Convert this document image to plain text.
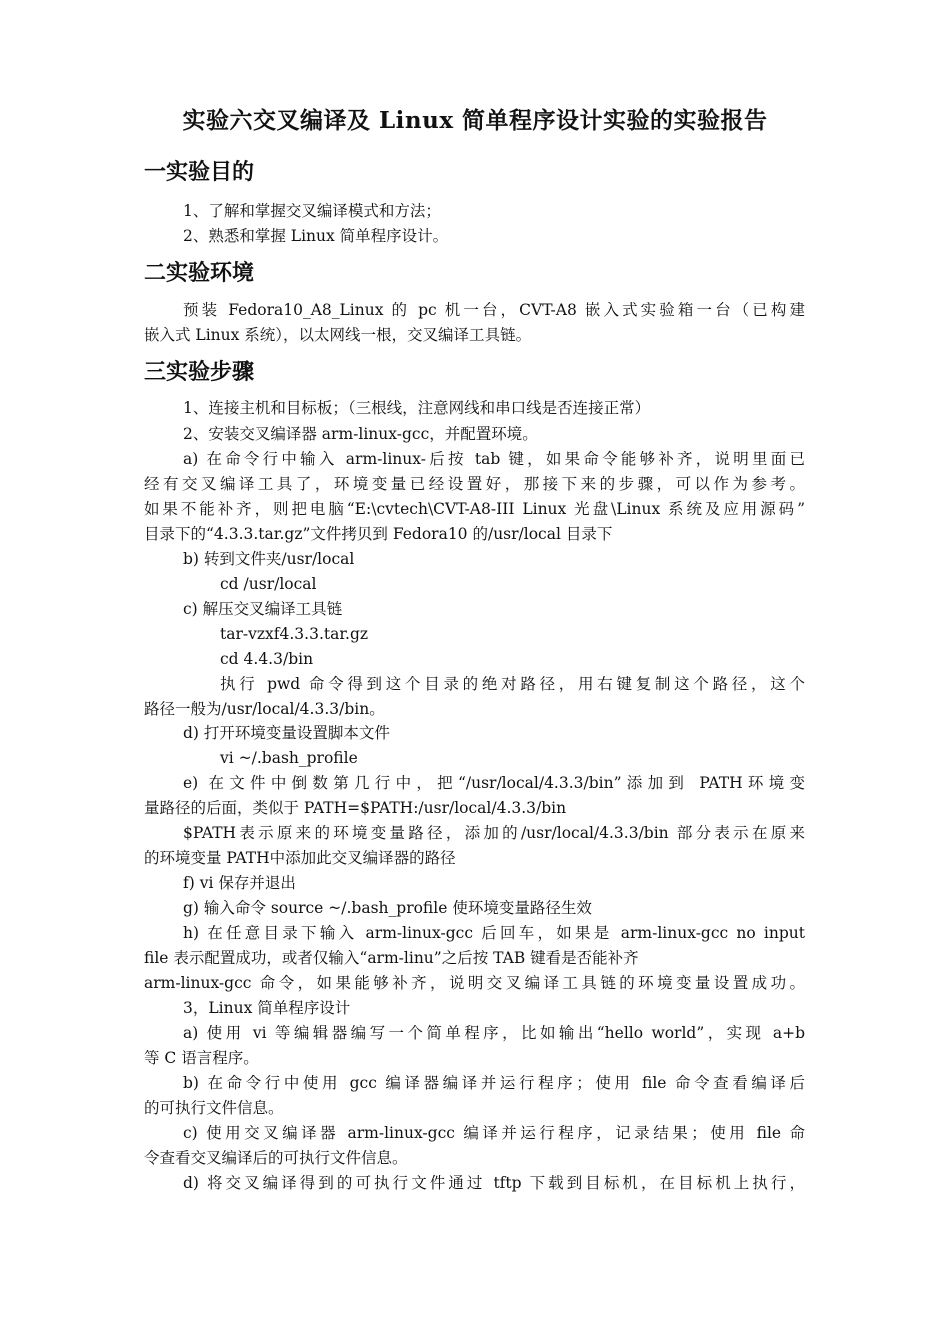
实验六交叉编译及 Linux 简单程序设计实验的实验报告
一实验目的
二实验环境
三实验步骤
1、了解和掌握交叉编译模式和方法；
2、熟悉和掌握 Linux 简单程序设计。
预装 Fedora10_A8_Linux 的 pc 机一台，CVT-A8 嵌入式实验箱一台（已构建
嵌入式 Linux 系统），以太网线一根，交叉编译工具链。
1、连接主机和目标板；（三根线，注意网线和串口线是否连接正常）
2、安装交叉编译器 arm-linux-gcc，并配置环境。
a) 在命令行中输入 arm-linux-后按 tab 键，如果命令能够补齐，说明里面已
经有交叉编译工具了，环境变量已经设置好，那接下来的步骤，可以作为参考。
如果不能补齐，则把电脑“E:\cvtech\CVT-A8-III Linux 光盘\Linux 系统及应用源码”
目录下的“4.3.3.tar.gz”文件拷贝到 Fedora10 的/usr/local 目录下
b) 转到文件夹/usr/local
cd /usr/local
c) 解压交叉编译工具链
tar-vzxf4.3.3.tar.gz
cd 4.4.3/bin
执行 pwd 命令得到这个目录的绝对路径，用右键复制这个路径，这个
路径一般为/usr/local/4.3.3/bin。
d) 打开环境变量设置脚本文件
vi ~/.bash_profile
e) 在文件中倒数第几行中，把“/usr/local/4.3.3/bin”添加到 PATH环境变
量路径的后面，类似于 PATH=$PATH:/usr/local/4.3.3/bin
$PATH表示原来的环境变量路径，添加的/usr/local/4.3.3/bin 部分表示在原来
的环境变量 PATH中添加此交叉编译器的路径
f) vi 保存并退出
g) 输入命令 source ~/.bash_profile 使环境变量路径生效
h) 在任意目录下输入 arm-linux-gcc 后回车，如果是 arm-linux-gcc no input
file 表示配置成功，或者仅输入“arm-linu”之后按 TAB 键看是否能补齐
arm-linux-gcc 命令，如果能够补齐，说明交叉编译工具链的环境变量设置成功。
3，Linux 简单程序设计
a) 使用 vi 等编辑器编写一个简单程序，比如输出“hello world”，实现 a+b
等 C 语言程序。
b) 在命令行中使用 gcc 编译器编译并运行程序；使用 file 命令查看编译后
的可执行文件信息。
c) 使用交叉编译器 arm-linux-gcc 编译并运行程序，记录结果；使用 file 命
令查看交叉编译后的可执行文件信息。
d) 将交叉编译得到的可执行文件通过 tftp 下载到目标机，在目标机上执行，
